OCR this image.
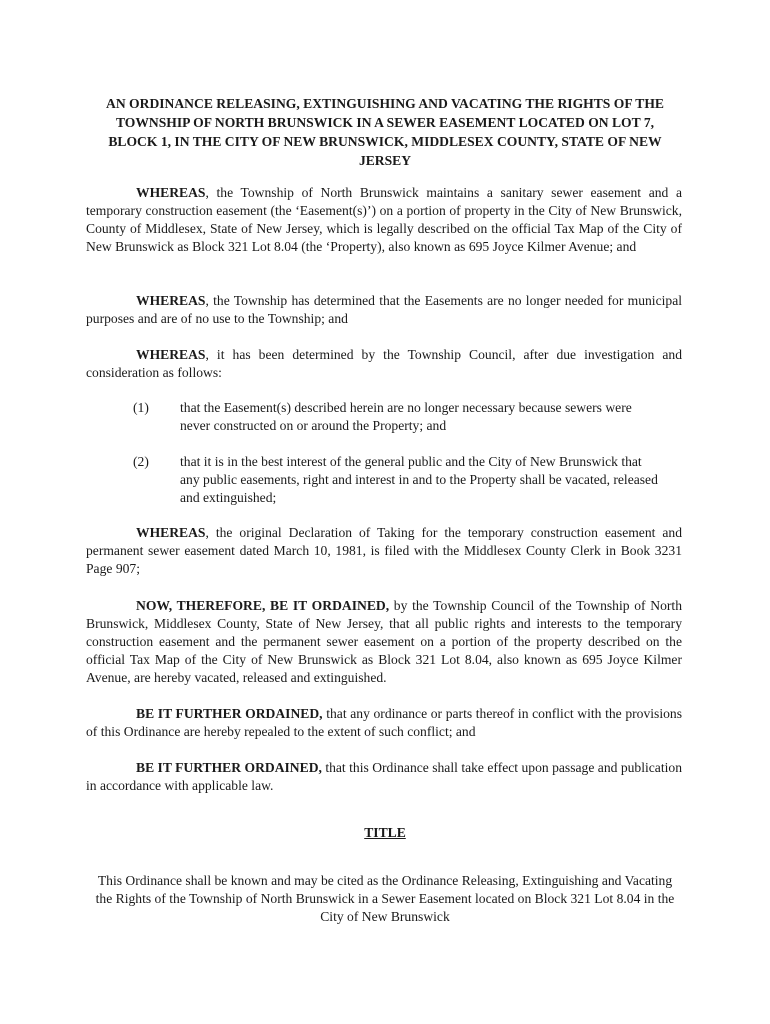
AN ORDINANCE RELEASING, EXTINGUISHING AND VACATING THE RIGHTS OF THE TOWNSHIP OF NORTH BRUNSWICK IN A SEWER EASEMENT LOCATED ON LOT 7, BLOCK 1, IN THE CITY OF NEW BRUNSWICK, MIDDLESEX COUNTY, STATE OF NEW JERSEY
WHEREAS, the Township of North Brunswick maintains a sanitary sewer easement and a temporary construction easement (the ‘Easement(s)’) on a portion of property in the City of New Brunswick, County of Middlesex, State of New Jersey, which is legally described on the official Tax Map of the City of New Brunswick as Block 321 Lot 8.04 (the ‘Property), also known as 695 Joyce Kilmer Avenue; and
WHEREAS, the Township has determined that the Easements are no longer needed for municipal purposes and are of no use to the Township; and
WHEREAS, it has been determined by the Township Council, after due investigation and consideration as follows:
(1) that the Easement(s) described herein are no longer necessary because sewers were never constructed on or around the Property; and
(2) that it is in the best interest of the general public and the City of New Brunswick that any public easements, right and interest in and to the Property shall be vacated, released and extinguished;
WHEREAS, the original Declaration of Taking for the temporary construction easement and permanent sewer easement dated March 10, 1981, is filed with the Middlesex County Clerk in Book 3231 Page 907;
NOW, THEREFORE, BE IT ORDAINED, by the Township Council of the Township of North Brunswick, Middlesex County, State of New Jersey, that all public rights and interests to the temporary construction easement and the permanent sewer easement on a portion of the property described on the official Tax Map of the City of New Brunswick as Block 321 Lot 8.04, also known as 695 Joyce Kilmer Avenue, are hereby vacated, released and extinguished.
BE IT FURTHER ORDAINED, that any ordinance or parts thereof in conflict with the provisions of this Ordinance are hereby repealed to the extent of such conflict; and
BE IT FURTHER ORDAINED, that this Ordinance shall take effect upon passage and publication in accordance with applicable law.
TITLE
This Ordinance shall be known and may be cited as the Ordinance Releasing, Extinguishing and Vacating the Rights of the Township of North Brunswick in a Sewer Easement located on Block 321 Lot 8.04 in the City of New Brunswick
